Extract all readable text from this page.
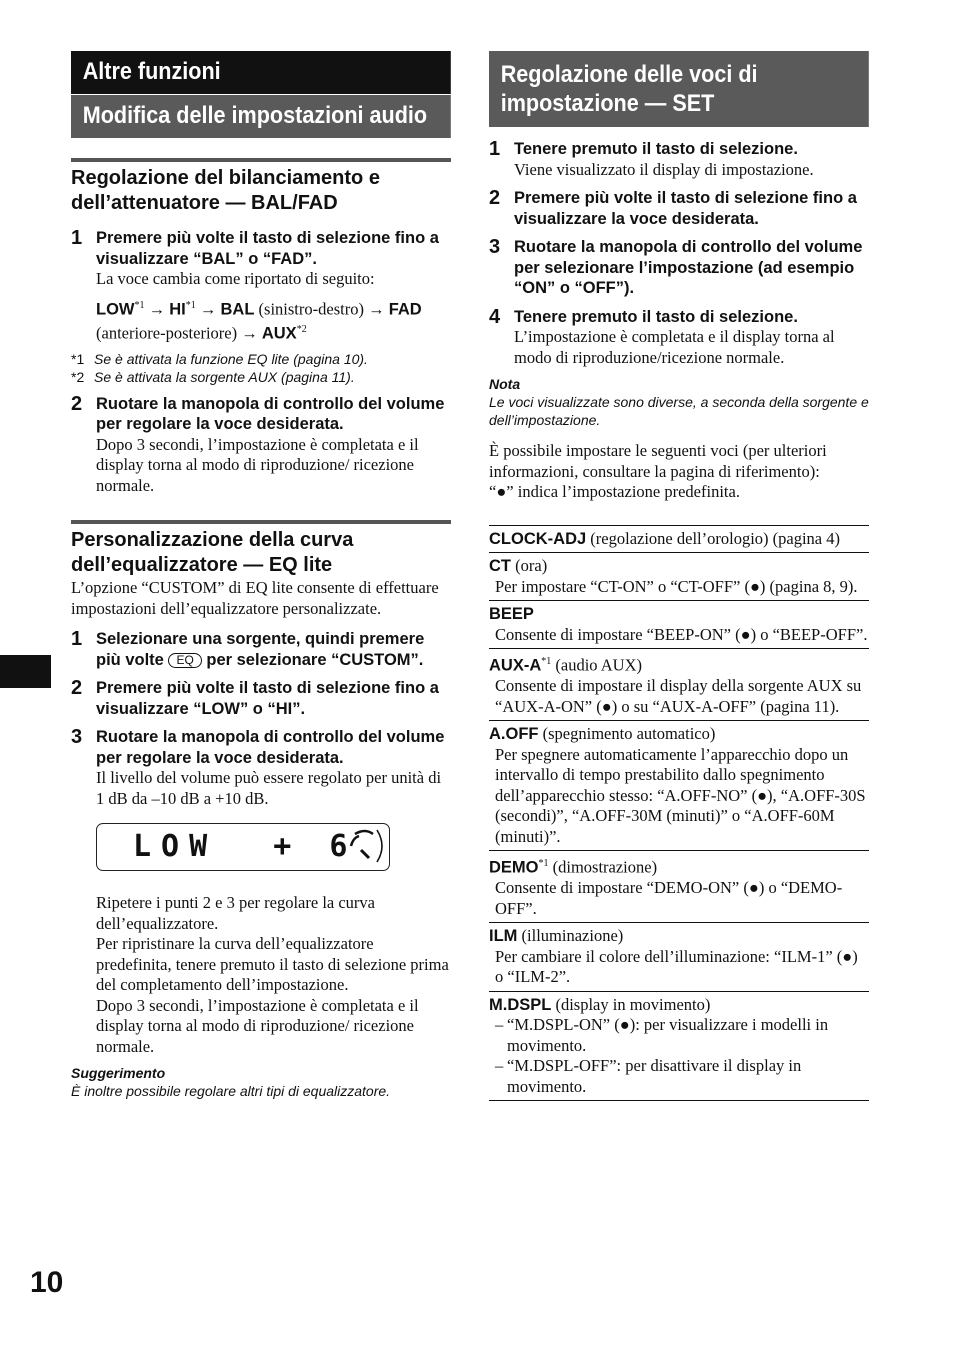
Altre funzioni
Modifica delle impostazioni audio
Regolazione del bilanciamento e dell’attenuatore — BAL/FAD
1 Premere più volte il tasto di selezione fino a visualizzare “BAL” o “FAD”.
La voce cambia come riportato di seguito:
$LOW^{*1} \to HI^{*1}$ → BAL (sinistro-destro) → FAD (anteriore-posteriore) → $AUX^{*2}$
*1 Se è attivata la funzione EQ lite (pagina 10).
*2 Se è attivata la sorgente AUX (pagina 11).
2 Ruotare la manopola di controllo del volume per regolare la voce desiderata.
Dopo 3 secondi, l’impostazione è completata e il display torna al modo di riproduzione/ ricezione normale.
Personalizzazione della curva dell’equalizzatore — EQ lite
L’opzione “CUSTOM” di EQ lite consente di effettuare impostazioni dell’equalizzatore personalizzate.
1 Selezionare una sorgente, quindi premere più volte EQ per selezionare “CUSTOM”.
2 Premere più volte il tasto di selezione fino a visualizzare “LOW” o “HI”.
3 Ruotare la manopola di controllo del volume per regolare la voce desiderata.
Il livello del volume può essere regolato per unità di 1 dB da –10 dB a +10 dB.
LOW  + 6
Ripetere i punti 2 e 3 per regolare la curva dell’equalizzatore.
Per ripristinare la curva dell’equalizzatore predefinita, tenere premuto il tasto di selezione prima del completamento dell’impostazione.
Dopo 3 secondi, l’impostazione è completata e il display torna al modo di riproduzione/ ricezione normale.
Suggerimento
È inoltre possibile regolare altri tipi di equalizzatore.
Regolazione delle voci di impostazione — SET
1 Tenere premuto il tasto di selezione.
Viene visualizzato il display di impostazione.
2 Premere più volte il tasto di selezione fino a visualizzare la voce desiderata.
3 Ruotare la manopola di controllo del volume per selezionare l’impostazione (ad esempio “ON” o “OFF”).
4 Tenere premuto il tasto di selezione.
L’impostazione è completata e il display torna al modo di riproduzione/ricezione normale.
Nota
Le voci visualizzate sono diverse, a seconda della sorgente e dell’impostazione.
È possibile impostare le seguenti voci (per ulteriori informazioni, consultare la pagina di riferimento):
“●” indica l’impostazione predefinita.
CLOCK-ADJ (regolazione dell’orologio) (pagina 4)
CT (ora)
Per impostare “CT-ON” o “CT-OFF” (●) (pagina 8, 9).
BEEP
Consente di impostare “BEEP-ON” (●) o “BEEP-OFF”.
AUX-$A^{*1}$ (audio AUX)
Consente di impostare il display della sorgente AUX su “AUX-A-ON” (●) o su “AUX-A-OFF” (pagina 11).
A.OFF (spegnimento automatico)
Per spegnere automaticamente l’apparecchio dopo un intervallo di tempo prestabilito dallo spegnimento dell’apparecchio stesso: “A.OFF-NO” (●), “A.OFF-30S (secondi)”, “A.OFF-30M (minuti)” o “A.OFF-60M (minuti)”.
DEMO$^{*1}$ (dimostrazione)
Consente di impostare “DEMO-ON” (●) o “DEMO-OFF”.
ILM (illuminazione)
Per cambiare il colore dell’illuminazione: “ILM-1” (●) o “ILM-2”.
M.DSPL (display in movimento)
– “M.DSPL-ON” (●): per visualizzare i modelli in movimento.
– “M.DSPL-OFF”: per disattivare il display in movimento.
10
